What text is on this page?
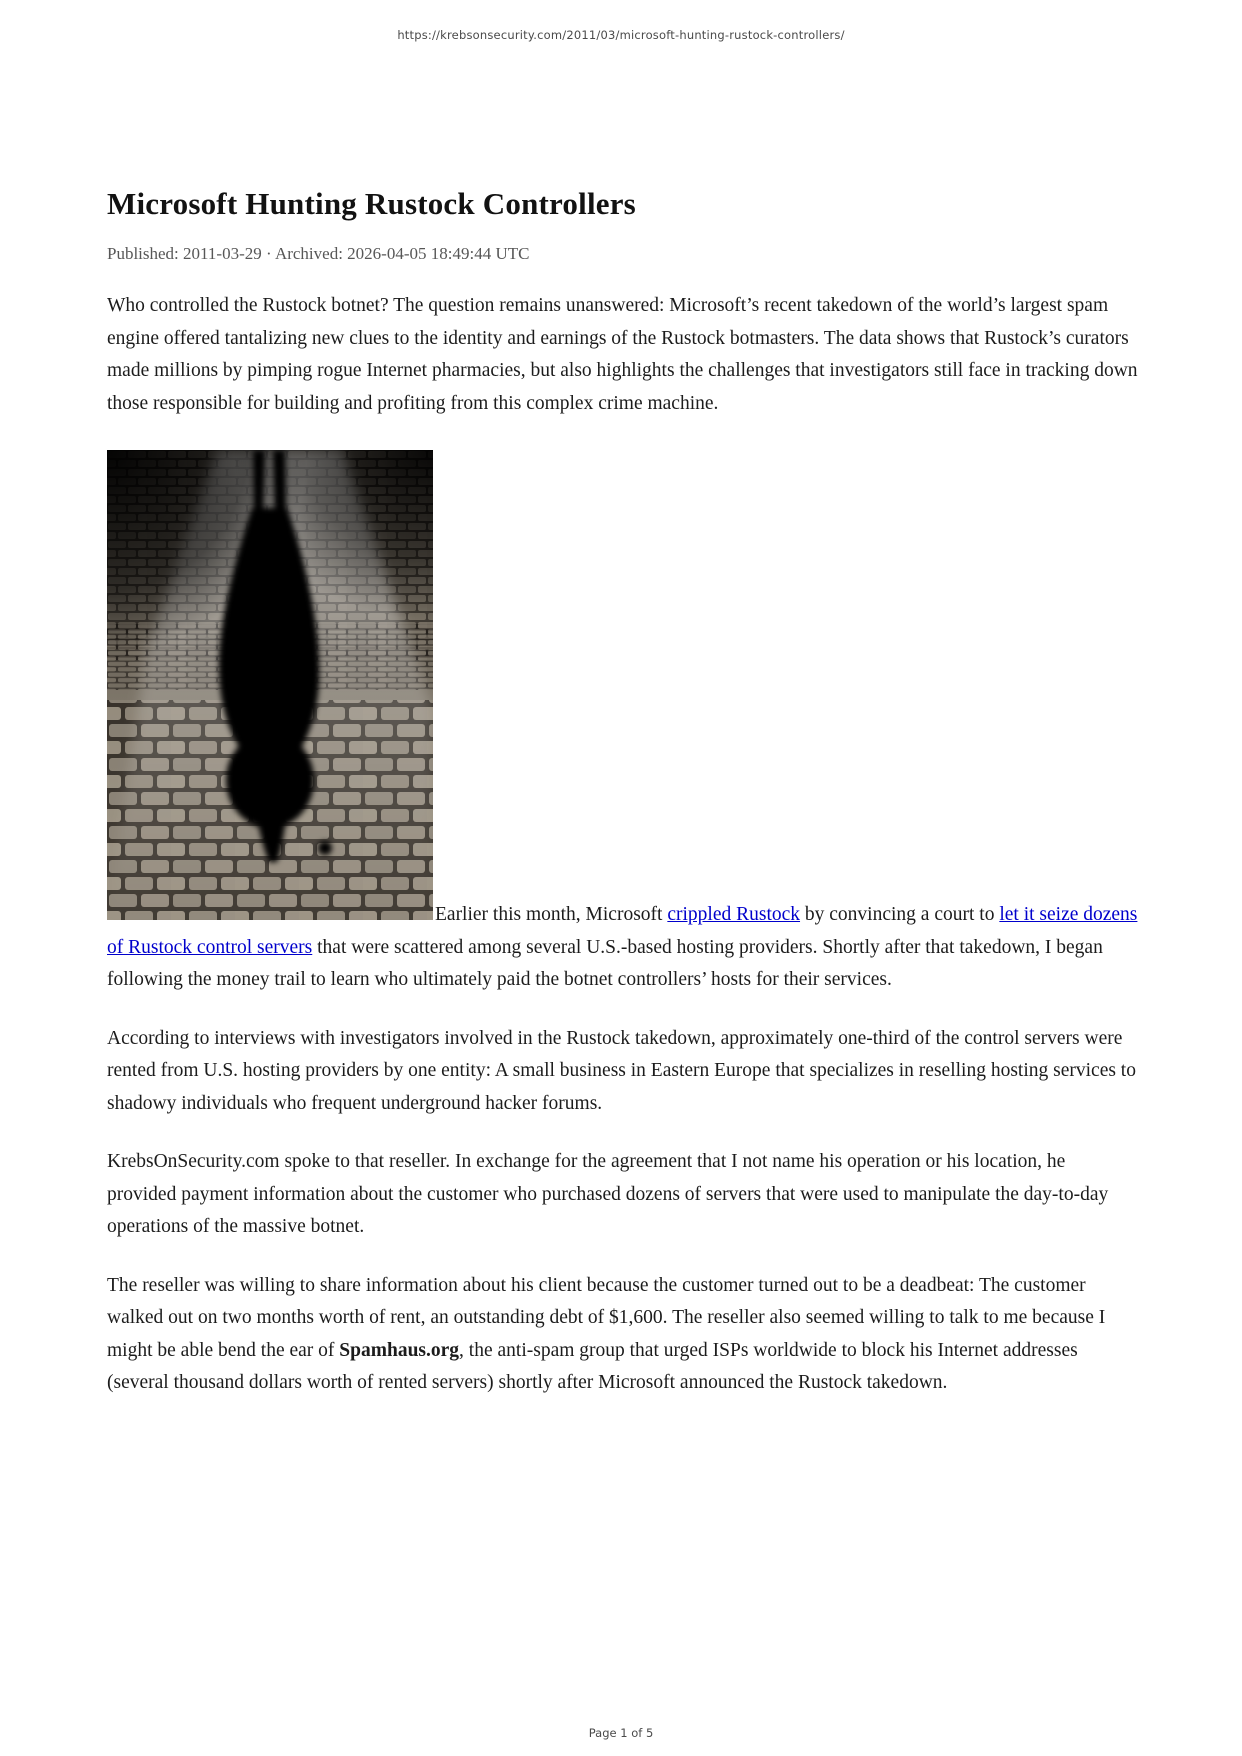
https://krebsonsecurity.com/2011/03/microsoft-hunting-rustock-controllers/
Microsoft Hunting Rustock Controllers
Published: 2011-03-29 · Archived: 2026-04-05 18:49:44 UTC

Who controlled the Rustock botnet? The question remains unanswered: Microsoft’s recent takedown of the world’s largest spam engine offered tantalizing new clues to the identity and earnings of the Rustock botmasters. The data shows that Rustock’s curators made millions by pimping rogue Internet pharmacies, but also highlights the challenges that investigators still face in tracking down those responsible for building and profiting from this complex crime machine.

Earlier this month, Microsoft crippled Rustock by convincing a court to let it seize dozens of Rustock control servers that were scattered among several U.S.-based hosting providers. Shortly after that takedown, I began following the money trail to learn who ultimately paid the botnet controllers’ hosts for their services.

According to interviews with investigators involved in the Rustock takedown, approximately one-third of the control servers were rented from U.S. hosting providers by one entity: A small business in Eastern Europe that specializes in reselling hosting services to shadowy individuals who frequent underground hacker forums.

KrebsOnSecurity.com spoke to that reseller. In exchange for the agreement that I not name his operation or his location, he provided payment information about the customer who purchased dozens of servers that were used to manipulate the day-to-day operations of the massive botnet.

The reseller was willing to share information about his client because the customer turned out to be a deadbeat: The customer walked out on two months worth of rent, an outstanding debt of $1,600. The reseller also seemed willing to talk to me because I might be able bend the ear of Spamhaus.org, the anti-spam group that urged ISPs worldwide to block his Internet addresses (several thousand dollars worth of rented servers) shortly after Microsoft announced the Rustock takedown.

Page 1 of 5
